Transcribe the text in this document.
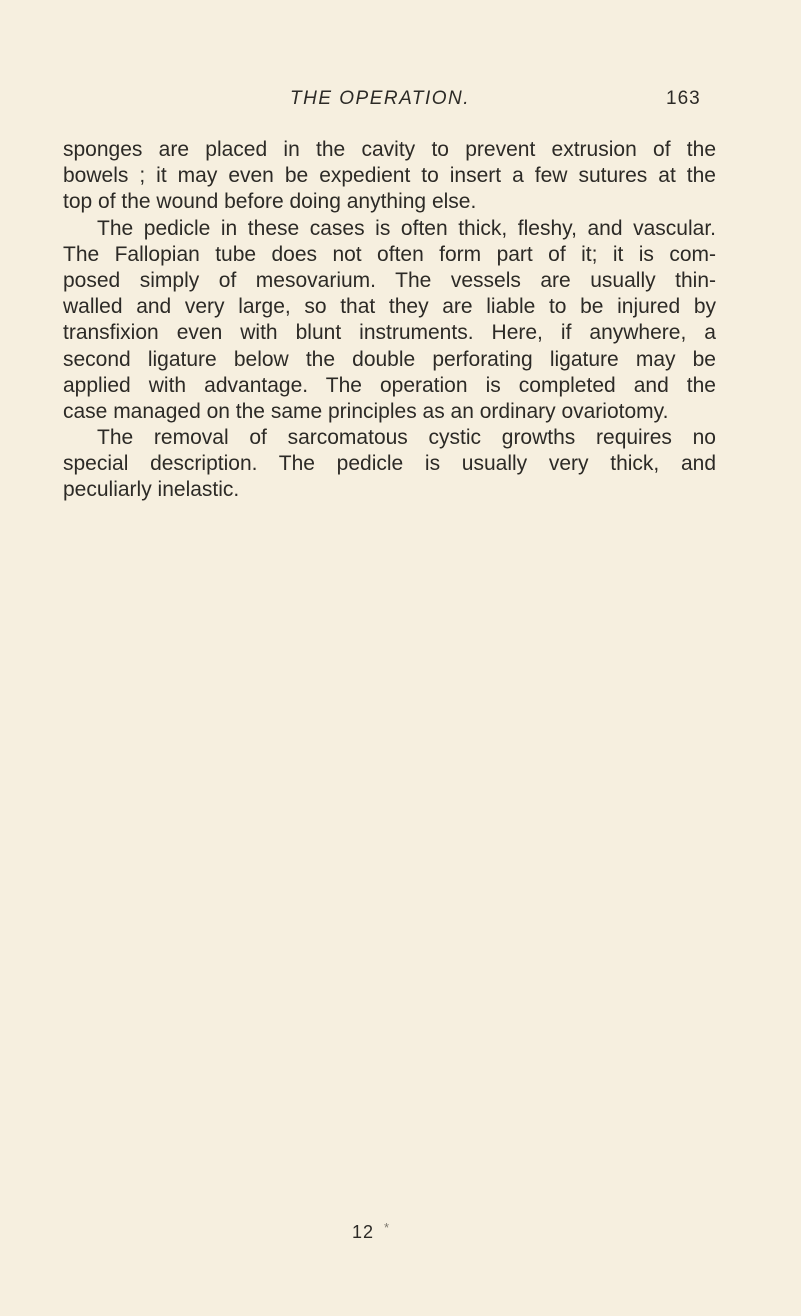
THE OPERATION.	163
sponges are placed in the cavity to prevent extrusion of the
bowels ; it may even be expedient to insert a few sutures at the
top of the wound before doing anything else.
The pedicle in these cases is often thick, fleshy, and vascular.
The Fallopian tube does not often form part of it; it is com-
posed simply of mesovarium. The vessels are usually thin-
walled and very large, so that they are liable to be injured by
transfixion even with blunt instruments. Here, if anywhere, a
second ligature below the double perforating ligature may be
applied with advantage. The operation is completed and the
case managed on the same principles as an ordinary ovariotomy.
The removal of sarcomatous cystic growths requires no
special description. The pedicle is usually very thick, and
peculiarly inelastic.
12 *
